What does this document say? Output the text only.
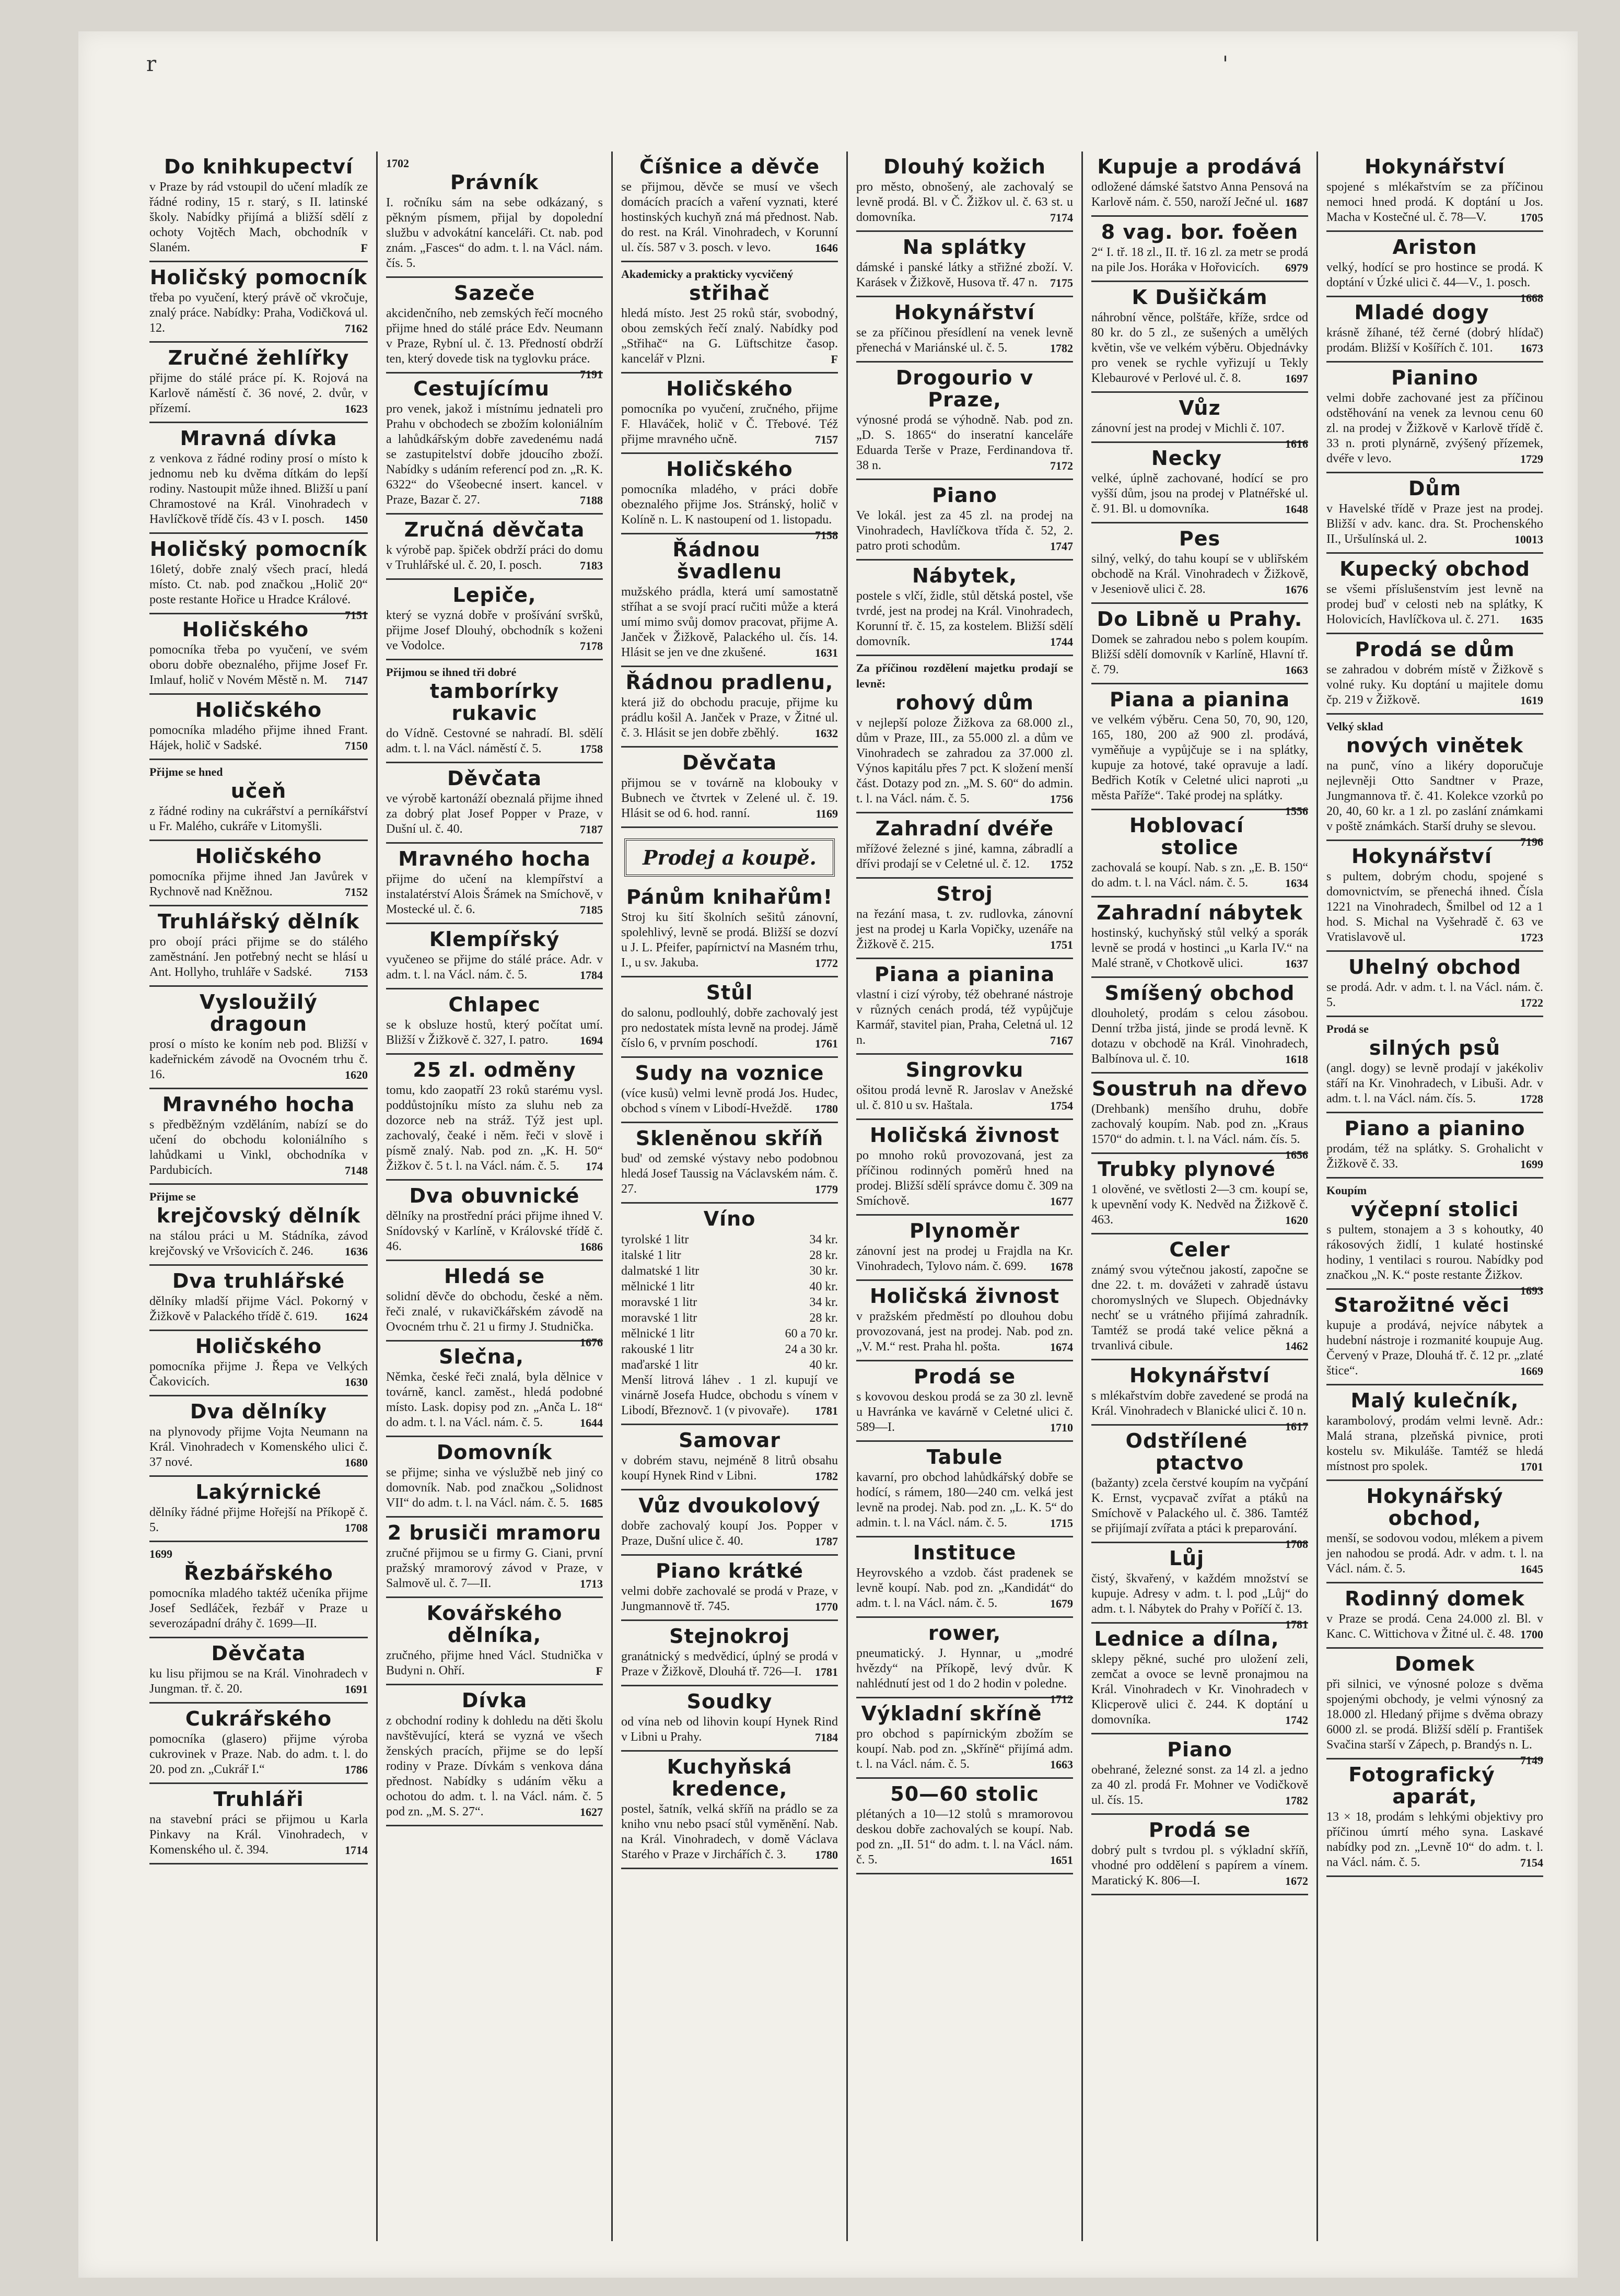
r	'
Do knihkupectví

v Praze by rád vstoupil do učení mladík ze řádné rodiny, 15 r. starý, s II. latinské školy. Nabídky přijímá a bližší sdělí z ochoty Vojtěch Mach, obchodník v Slaném.	F

Holičský pomocník

třeba po vyučení, který právě oč vkročuje, znalý práce. Nabídky: Praha, Vodičková ul. 12.	7162

Zručné žehlířky

přijme do stálé práce pí. K. Rojová na Karlově náměstí č. 36 nové, 2. dvůr, v přízemí.	1623

Mravná dívka

z venkova z řádné rodiny prosí o místo k jednomu neb ku dvěma dítkám do lepší rodiny. Nastoupit může ihned. Bližší u paní Chramostové na Král. Vinohradech v Havlíčkově třídě čís. 43 v I. posch. 1450

Holičský pomocník

16letý, dobře znalý všech prací, hledá místo. Ct. nab. pod značkou „Holič 20“ poste restante Hořice u Hradce Králové.
7151

Holičského

pomocníka třeba po vyučení, ve svém oboru dobře obeznalého, přijme Josef Fr. Imlauf, holič v Novém Městě n. M. 7147

Holičského

pomocníka mladého přijme ihned Frant. Hájek, holič v Sadské.	7150

Přijme se hned

učeň

z řádné rodiny na cukrářství a perníkářství u Fr. Malého, cukráře v Litomyšli.

Holičského

pomocníka přijme ihned Jan Javůrek v Rychnově nad Kněžnou.	7152

Truhlářský dělník

pro obojí práci přijme se do stálého zaměstnání. Jen potřebný necht se hlásí u Ant. Hollyho, truhláře v Sadské.	7153

Vysloužilý dragoun

prosí o místo ke koním neb pod. Bližší v kadeřnickém závodě na Ovocném trhu č. 16.	1620

Mravného hocha

s předběžným vzděláním, nabízí se do učení do obchodu koloniálního s lahůdkami u Vinkl, obchodníka v Pardubicích.	7148

Přijme se

krejčovský dělník

na stálou práci u M. Stádníka, závod krejčovský ve Vršovicích č. 246.	1636

Dva truhlářské

dělníky mladší přijme Václ. Pokorný v Žižkově v Palackého třídě č. 619. 1624

Holičského

pomocníka přijme J. Řepa ve Velkých Čakovicích.	1630

Dva dělníky

na plynovody přijme Vojta Neumann na Král. Vinohradech v Komenského ulici č. 37 nové.	1680

Lakýrnické

dělníky řádné přijme Hořejší na Příkopě č. 5.	1708

1699

Řezbářského

pomocníka mladého taktéž učeníka přijme Josef Sedláček, řezbář v Praze u severozápadní dráhy č. 1699—II.

Děvčata

ku lisu přijmou se na Král. Vinohradech v Jungman. tř. č. 20.	1691

Cukrářského

pomocníka (glasero) přijme výroba cukrovinek v Praze. Nab. do adm. t. l. do 20. pod zn. „Cukrář I.“	1786

Truhláři

na stavební práci se přijmou u Karla Pinkavy na Král. Vinohradech, v Komenského ul. č. 394.	1714

1702

Právník

I. ročníku sám na sebe odkázaný, s pěkným písmem, přijal by dopolední službu v advokátní kanceláři. Ct. nab. pod znám. „Fasces“ do adm. t. l. na Václ. nám. čís. 5.

Sazeče

akcidenčního, neb zemských řečí mocného přijme hned do stálé práce Edv. Neumann v Praze, Rybní ul. č. 13. Předností obdrží ten, který dovede tisk na tyglovku práce.
7191

Cestujícímu

pro venek, jakož i místnímu jednateli pro Prahu v obchodech se zbožím koloniálním a lahůdkářským dobře zavedenému nadá se zastupitelství dobře jdoucího zboží. Nabídky s udáním referencí pod zn. „R. K. 6322“ do Všeobecné insert. kancel. v Praze, Bazar č. 27.	7188

Zručná děvčata

k výrobě pap. špiček obdrží práci do domu v Truhlářské ul. č. 20, I. posch.	7183

Lepiče,

který se vyzná dobře v prošívání svršků, přijme Josef Dlouhý, obchodník s koženi ve Vodolce.	7178

Přijmou se ihned tři dobré

tamborírky rukavic

do Vídně. Cestovné se nahradí. Bl. sdělí adm. t. l. na Václ. náměstí č. 5.	1758

Děvčata

ve výrobě kartonáží obeznalá přijme ihned za dobrý plat Josef Popper v Praze, v Dušní ul. č. 40.	7187

Mravného hocha

přijme do učení na klempířství a instalatérství Alois Šrámek na Smíchově, v Mostecké ul. č. 6.	7185

Klempířský

vyučeneo se přijme do stálé práce. Adr. v adm. t. l. na Václ. nám. č. 5.	1784

Chlapec

se k obsluze hostů, který počítat umí. Bližší v Žižkově č. 327, I. patro.	1694

25 zl. odměny

tomu, kdo zaopatří 23 roků starému vysl. poddůstojníku místo za sluhu neb za dozorce neb na stráž. Týž jest upl. zachovalý, čeaké i něm. řeči v slově i písmě znalý. Nab. pod zn. „K. H. 50“ Žižkov č. 5 t. l. na Václ. nám. č. 5. 174

Dva obuvnické

dělníky na prostřední práci přijme ihned V. Snídovský v Karlíně, v Královské třídě č. 46.	1686

Hledá se

solidní děvče do obchodu, české a něm. řeči znalé, v rukavičkářském závodě na Ovocném trhu č. 21 u firmy J. Studnička.
1676

Slečna,

Němka, české řeči znalá, byla dělnice v továrně, kancl. zaměst., hledá podobné místo. Lask. dopisy pod zn. „Anča L. 18“ do adm. t. l. na Václ. nám. č. 5.	1644

Domovník

se přijme; sinha ve výslužbě neb jiný co domovník. Nab. pod značkou „Solidnost VII“ do adm. t. l. na Václ. nám. č. 5. 1685

2 brusiči mramoru

zručné přijmou se u firmy G. Ciani, první pražský mramorový závod v Praze, v Salmově ul. č. 7—II.	1713

Kovářského dělníka,

zručného, přijme hned Václ. Studnička v Budyni n. Ohří.	F

Dívka

z obchodní rodiny k dohledu na děti školu navštěvující, která se vyzná ve všech ženských pracích, přijme se do lepší rodiny v Praze. Dívkám s venkova dána přednost. Nabídky s udáním věku a ochotou do adm. t. l. na Václ. nám. č. 5 pod zn. „M. S. 27“.	1627

Číšnice a děvče

se přijmou, děvče se musí ve všech domácích pracích a vaření vyznati, které hostinských kuchyň zná má přednost. Nab. do rest. na Král. Vinohradech, v Korunní ul. čís. 587 v 3. posch. v levo.	1646

Akademicky a prakticky vycvičený

střihač

hledá místo. Jest 25 roků stár, svobodný, obou zemských řečí znalý. Nabídky pod „Střihač“ na G. Lüftschitze časop. kancelář v Plzni.	F

Holičského

pomocníka po vyučení, zručného, přijme F. Hlaváček, holič v Č. Třebové. Též přijme mravného učně.	7157

Holičského

pomocníka mladého, v práci dobře obeznalého přijme Jos. Stránský, holič v Kolíně n. L. K nastoupení od 1. listopadu.
7158

Řádnou švadlenu

mužského prádla, která umí samostatně stříhat a se svojí prací ručiti může a která umí mimo svůj domov pracovat, přijme A. Janček v Žižkově, Palackého ul. čís. 14. Hlásit se jen ve dne zkušené.	1631

Řádnou pradlenu,

která již do obchodu pracuje, přijme ku prádlu košil A. Janček v Praze, v Žitné ul. č. 3. Hlásit se jen dobře zběhlý.	1632

Děvčata

přijmou se v továrně na klobouky v Bubnech ve čtvrtek v Zelené ul. č. 19. Hlásit se od 6. hod. ranní.	1169

Prodej a koupě.
Pánům knihařům!

Stroj ku šití školních sešitů zánovní, spolehlivý, levně se prodá. Bližší se dozví u J. L. Pfeifer, papírnictví na Masném trhu, I., u sv. Jakuba.	1772

Stůl

do salonu, podlouhlý, dobře zachovalý jest pro nedostatek místa levně na prodej. Jámě číslo 6, v prvním poschodí.	1761

Sudy na voznice

(více kusů) velmi levně prodá Jos. Hudec, obchod s vínem v Libodí-Hveždě. 1780

Skleněnou skříň

bud' od zemské výstavy nebo podobnou hledá Josef Taussig na Václavském nám. č. 27.	1779

Víno
tyrolské 1 litr	34 kr.
italské 1 litr	28 kr.
dalmatské 1 litr	30 kr.
mělnické 1 litr	40 kr.
moravské 1 litr	34 kr.
moravské 1 litr	28 kr.
mělnické 1 litr	60 a 70 kr.
rakouské 1 litr	24 a 30 kr.
maďarské 1 litr	40 kr.

Menší litrová láhev . 1 zl. kupují ve vinárně Josefa Hudce, obchodu s vínem v Libodí, Březnovč. 1 (v pivovaře). 1781

Samovar

v dobrém stavu, nejméně 8 litrů obsahu koupí Hynek Rind v Libni.	1782

Vůz dvoukolový

dobře zachovalý koupí Jos. Popper v Praze, Dušní ulice č. 40.	1787

Piano krátké

velmi dobře zachovalé se prodá v Praze, v Jungmannově tř. 745.	1770

Stejnokroj

granátnický s medvědicí, úplný se prodá v Praze v Žižkově, Dlouhá tř. 726—I. 1781

Soudky

od vína neb od lihovin koupí Hynek Rind v Libni u Prahy.	7184

Kuchyňská kredence,

postel, šatník, velká skříň na prádlo se za kniho vnu nebo psací stůl vyměnění. Nab. na Král. Vinohradech, v domě Václava Starého v Praze v Jirchářích č. 3.	1780

Dlouhý kožich

pro město, obnošený, ale zachovalý se levně prodá. Bl. v Č. Žižkov ul. č. 63 st. u domovníka.	7174

Na splátky

dámské i panské látky a střižné zboží. V. Karásek v Žižkově, Husova tř. 47 n. 7175

Hokynářství

se za příčinou přesídlení na venek levně přenechá v Mariánské ul. č. 5.	1782

Drogourio v Praze,

výnosné prodá se výhodně. Nab. pod zn. „D. S. 1865“ do inseratní kanceláře Eduarda Terše v Praze, Ferdinandova tř. 38 n.	7172

Piano

Ve lokál. jest za 45 zl. na prodej na Vinohradech, Havlíčkova třída č. 52, 2. patro proti schodům.	1747

Nábytek,

postele s vlčí, židle, stůl dětská postel, vše tvrdé, jest na prodej na Král. Vinohradech, Korunní tř. č. 15, za kostelem. Bližší sdělí domovník.	1744

Za příčinou rozdělení majetku prodají se levně:

rohový dům

v nejlepší poloze Žižkova za 68.000 zl., dům v Praze, III., za 55.000 zl. a dům ve Vinohradech se zahradou za 37.000 zl. Výnos kapitálu přes 7 pct. K složení menší část. Dotazy pod zn. „M. S. 60“ do admin. t. l. na Václ. nám. č. 5.	1756

Zahradní dvéře

mřížové železné s jiné, kamna, zábradlí a dřívi prodají se v Celetné ul. č. 12. 1752

Stroj

na řezání masa, t. zv. rudlovka, zánovní jest na prodej u Karla Vopičky, uzenáře na Žižkově č. 215.	1751

Piana a pianina

vlastní i cizí výroby, též obehrané nástroje v různých cenách prodá, též vypůjčuje Karmář, stavitel pian, Praha, Celetná ul. 12 n.	7167

Singrovku

ošitou prodá levně R. Jaroslav v Anežské ul. č. 810 u sv. Haštala.	1754

Holičská živnost

po mnoho roků provozovaná, jest za příčinou rodinných poměrů hned na prodej. Bližší sdělí správce domu č. 309 na Smíchově.	1677

Plynoměr

zánovní jest na prodej u Frajdla na Kr. Vinohradech, Tylovo nám. č. 699. 1678

Holičská živnost

v pražském předměstí po dlouhou dobu provozovaná, jest na prodej. Nab. pod zn. „V. M.“ rest. Praha hl. pošta.	1674

Prodá se

s kovovou deskou prodá se za 30 zl. levně u Havránka ve kavárně v Celetné ulici č. 589—I.	1710

Tabule

kavarní, pro obchod lahůdkářský dobře se hodící, s rámem, 180—240 cm. velká jest levně na prodej. Nab. pod zn. „L. K. 5“ do admin. t. l. na Václ. nám. č. 5.	1715

Instituce

Heyrovského a vzdob. část pradenek se levně koupí. Nab. pod zn. „Kandidát“ do adm. t. l. na Václ. nám. č. 5.	1679

rower,

pneumatický. J. Hynnar, u „modré hvězdy“ na Příkopě, levý dvůr. K nahlédnutí jest od 1 do 2 hodin v poledne.
1712

Výkladní skříně

pro obchod s papírnickým zbožím se koupí. Nab. pod zn. „Skříně“ přijímá adm. t. l. na Václ. nám. č. 5.	1663

50—60 stolic

plétaných a 10—12 stolů s mramorovou deskou dobře zachovalých se koupí. Nab. pod zn. „II. 51“ do adm. t. l. na Václ. nám. č. 5.	1651

Kupuje a prodává

odložené dámské šatstvo Anna Pensová na Karlově nám. č. 550, naroží Ječné ul. 1687

8 vag. bor. foěen

2“ I. tř. 18 zl., II. tř. 16 zl. za metr se prodá na pile Jos. Horáka v Hořovicích. 6979

K Dušičkám

náhrobní věnce, polštáře, kříže, srdce od 80 kr. do 5 zl., ze sušených a umělých květin, vše ve velkém výběru. Objednávky pro venek se rychle vyřizují u Tekly Klebaurové v Perlové ul. č. 8.	1697

Vůz

zánovní jest na prodej v Michli č. 107.
1616

Necky

velké, úplně zachované, hodící se pro vyšší dům, jsou na prodej v Platnéřské ul. č. 91. Bl. u domovníka.	1648

Pes

silný, velký, do tahu koupí se v ubliřském obchodě na Král. Vinohradech v Žižkově, v Jeseniově ulici č. 28.	1676

Do Libně u Prahy.

Domek se zahradou nebo s polem koupím. Bližší sdělí domovník v Karlíně, Hlavní tř. č. 79.	1663

Piana a pianina

ve velkém výběru. Cena 50, 70, 90, 120, 165, 180, 200 až 900 zl. prodává, vyměňuje a vypůjčuje se i na splátky, kupuje za hotové, také opravuje a ladí. Bedřich Kotík v Celetné ulici naproti „u města Paříže“. Také prodej na splátky.
1556

Hoblovací stolice

zachovalá se koupí. Nab. s zn. „E. B. 150“ do adm. t. l. na Václ. nám. č. 5.	1634

Zahradní nábytek

hostinský, kuchyňský stůl velký a sporák levně se prodá v hostinci „u Karla IV.“ na Malé straně, v Chotkově ulici.	1637

Smíšený obchod

dlouholetý, prodám s celou zásobou. Denní tržba jistá, jinde se prodá levně. K dotazu v obchodě na Král. Vinohradech, Balbínova ul. č. 10.	1618

Soustruh na dřevo

(Drehbank) menšího druhu, dobře zachovalý koupím. Nab. pod zn. „Kraus 1570“ do admin. t. l. na Václ. nám. čís. 5.
1656

Trubky plynové

1 olověné, ve světlosti 2—3 cm. koupí se, k upevnění vody K. Nedvěd na Žižkově č. 463.	1620

Celer

známý svou výtečnou jakostí, započne se dne 22. t. m. dovážeti v zahradě ústavu choromyslných ve Slupech. Objednávky nechť se u vrátného přijímá zahradník. Tamtéž se prodá také velice pěkná a trvanlivá cibule.	1462

Hokynářství

s mlékařstvím dobře zavedené se prodá na Král. Vinohradech v Blanické ulici č. 10 n.
1617

Odstřílené ptactvo

(bažanty) zcela čerstvé koupím na vyčpání K. Ernst, vycpavač zvířat a ptáků na Smíchově v Palackého ul. č. 386. Tamtéž se přijímají zvířata a ptáci k preparování.
1708

Lůj

čistý, škvařený, v každém množství se kupuje. Adresy v adm. t. l. pod „Lůj“ do adm. t. l. Nábytek do Prahy v Poříčí č. 13.
1781

Lednice a dílna,

sklepy pěkné, suché pro uložení zeli, zemčat a ovoce se levně pronajmou na Král. Vinohradech v Kr. Vinohradech v Klicperově ulici č. 244. K doptání u domovníka.	1742

Piano

obehrané, železné sonst. za 14 zl. a jedno za 40 zl. prodá Fr. Mohner ve Vodičkově ul. čís. 15.	1782

Prodá se

dobrý pult s tvrdou pl. s výkladní skříň, vhodné pro oddělení s papírem a vínem. Maratický K. 806—I.	1672

Hokynářství

spojené s mlékařstvím se za příčinou nemoci hned prodá. K doptání u Jos. Macha v Kostečné ul. č. 78—V.	1705

Ariston

velký, hodící se pro hostince se prodá. K doptání v Úzké ulici č. 44—V., 1. posch.
1668

Mladé dogy

krásně žíhané, též černé (dobrý hlídač) prodám. Bližší v Košířích č. 101. 1673

Pianino

velmi dobře zachované jest za příčinou odstěhování na venek za levnou cenu 60 zl. na prodej v Žižkově v Karlově třídě č. 33 n. proti plynárně, zvýšený přízemek, dvéře v levo.	1729

Dům

v Havelské třídě v Praze jest na prodej. Bližší v adv. kanc. dra. St. Prochenského II., Uršulínská ul. 2.	10013

Kupecký obchod

se všemi příslušenstvím jest levně na prodej buď v celosti neb na splátky, K Holovicích, Havlíčkova ul. č. 271. 1635

Prodá se dům

se zahradou v dobrém místě v Žižkově s volné ruky. Ku doptání u majitele domu čp. 219 v Žižkově.	1619

Velký sklad

nových vinětek

na punč, víno a likéry doporučuje nejlevněji Otto Sandtner v Praze, Jungmannova tř. č. 41. Kolekce vzorků po 20, 40, 60 kr. a 1 zl. po zaslání známkami v poště známkách. Starší druhy se slevou.
7196

Hokynářství

s pultem, dobrým chodu, spojené s domovnictvím, se přenechá ihned. Čísla 1221 na Vinohradech, Šmilbel od 12 a 1 hod. S. Michal na Vyšehradě č. 63 ve Vratislavově ul.	1723

Uhelný obchod

se prodá. Adr. v adm. t. l. na Václ. nám. č. 5.	1722

Prodá se

silných psů

(angl. dogy) se levně prodají v jakékoliv stáří na Kr. Vinohradech, v Libuši. Adr. v adm. t. l. na Václ. nám. čís. 5.	1728

Piano a pianino

prodám, též na splátky. S. Grohalicht v Žižkově č. 33.	1699

Koupím

výčepní stolici

s pultem, stonajem a 3 s kohoutky, 40 rákosových židlí, 1 kulaté hostinské hodiny, 1 ventilaci s rourou. Nabídky pod značkou „N. K.“ poste restante Žižkov.
1693

Starožitné věci

kupuje a prodává, nejvíce nábytek a hudební nástroje i rozmanité koupuje Aug. Červený v Praze, Dlouhá tř. č. 12 pr. „zlaté štice“.	1669

Malý kulečník,

karambolový, prodám velmi levně. Adr.: Malá strana, plzeňská pivnice, proti kostelu sv. Mikuláše. Tamtéž se hledá místnost pro spolek.	1701

Hokynářský obchod,

menší, se sodovou vodou, mlékem a pivem jen nahodou se prodá. Adr. v adm. t. l. na Václ. nám. č. 5.	1645

Rodinný domek

v Praze se prodá. Cena 24.000 zl. Bl. v Kanc. C. Wittichova v Žitné ul. č. 48. 1700

Domek

při silnici, ve výnosné poloze s dvěma spojenými obchody, je velmi výnosný za 18.000 zl. Hledaný přijme s dvěma obrazy 6000 zl. se prodá. Bližší sdělí p. František Svačina starší v Zápech, p. Brandýs n. L.
7149

Fotografický aparát,

13 × 18, prodám s lehkými objektivy pro příčinou úmrtí mého syna. Laskavé nabídky pod zn. „Levně 10“ do adm. t. l. na Václ. nám. č. 5.	7154
